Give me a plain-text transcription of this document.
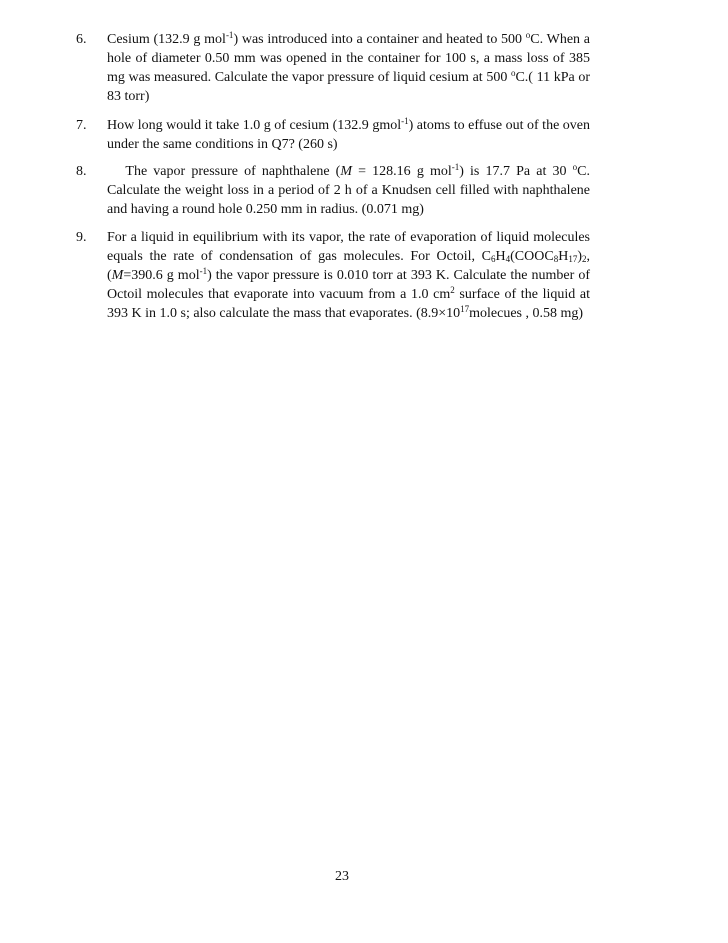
6. Cesium (132.9 g mol$^{-1}$) was introduced into a container and heated to 500 $^o$C. When a hole of diameter 0.50 mm was opened in the container for 100 s, a mass loss of 385 mg was measured. Calculate the vapor pressure of liquid cesium at 500 $^o$C.( 11 kPa or 83 torr)

7. How long would it take 1.0 g of cesium (132.9 gmol$^{-1}$) atoms to effuse out of the oven under the same conditions in Q7? (260 s)

8. The vapor pressure of naphthalene (M = 128.16 g mol$^{-1}$) is 17.7 Pa at 30 $^o$C. Calculate the weight loss in a period of 2 h of a Knudsen cell filled with naphthalene and having a round hole 0.250 mm in radius. (0.071 mg)

9. For a liquid in equilibrium with its vapor, the rate of evaporation of liquid molecules equals the rate of condensation of gas molecules. For Octoil, $C_6H_4(COOC_8H_{17})_2,(M=390.6$ g mol$^{-1}$) the vapor pressure is 0.010 torr at 393 K. Calculate the number of Octoil molecules that evaporate into vacuum from a 1.0 $cm^2$ surface of the liquid at 393 K in 1.0 s; also calculate the mass that evaporates. ($8.9\times 10^{17}molecues$ , 0.58 mg)

23
